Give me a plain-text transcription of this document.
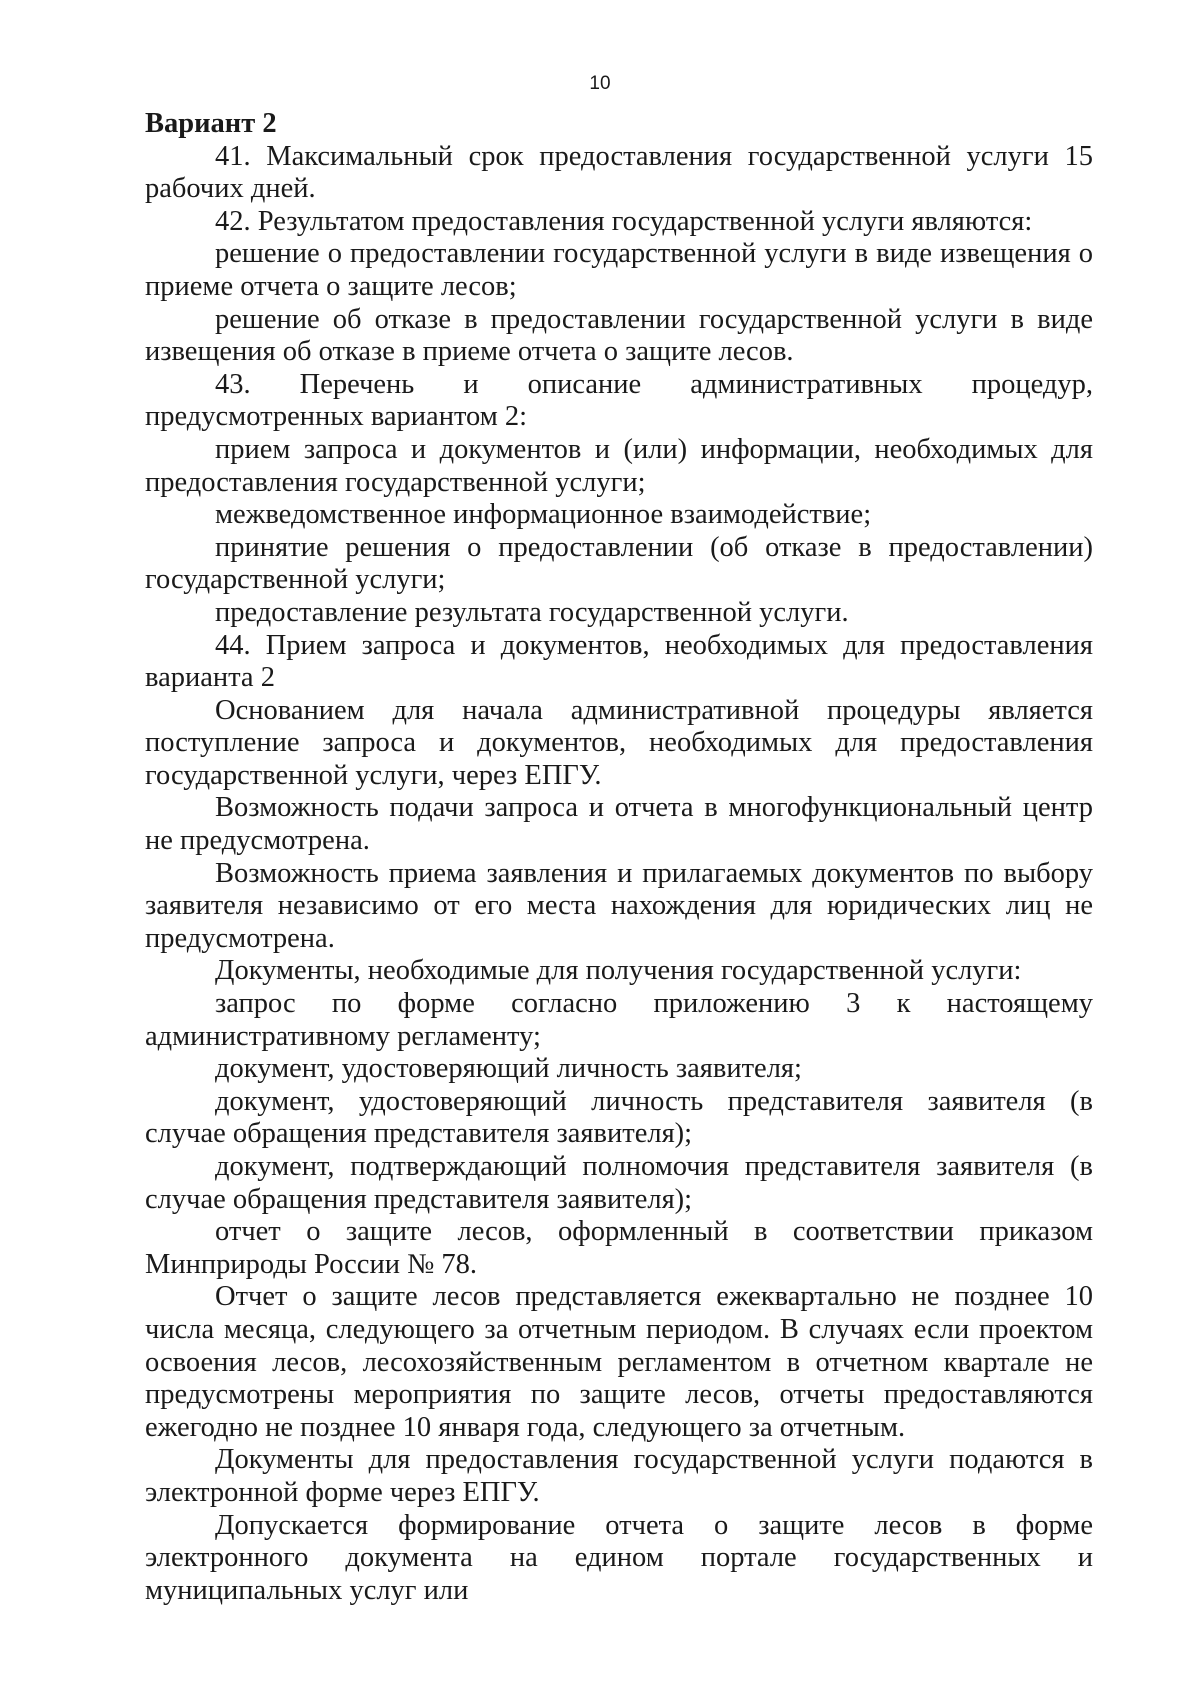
10

Вариант 2

41. Максимальный срок предоставления государственной услуги 15 рабочих дней.

42. Результатом предоставления государственной услуги являются:

решение о предоставлении государственной услуги в виде извещения о приеме отчета о защите лесов;

решение об отказе в предоставлении государственной услуги в виде извещения об отказе в приеме отчета о защите лесов.

43. Перечень и описание административных процедур, предусмотренных вариантом 2:

прием запроса и документов и (или) информации, необходимых для предоставления государственной услуги;

межведомственное информационное взаимодействие;

принятие решения о предоставлении (об отказе в предоставлении) государственной услуги;

предоставление результата государственной услуги.

44. Прием запроса и документов, необходимых для предоставления варианта 2

Основанием для начала административной процедуры является поступление запроса и документов, необходимых для предоставления государственной услуги, через ЕПГУ.

Возможность подачи запроса и отчета в многофункциональный центр не предусмотрена.

Возможность приема заявления и прилагаемых документов по выбору заявителя независимо от его места нахождения для юридических лиц не предусмотрена.

Документы, необходимые для получения государственной услуги:

запрос по форме согласно приложению 3 к настоящему административному регламенту;

документ, удостоверяющий личность заявителя;

документ, удостоверяющий личность представителя заявителя (в случае обращения представителя заявителя);

документ, подтверждающий полномочия представителя заявителя (в случае обращения представителя заявителя);

отчет о защите лесов, оформленный в соответствии приказом Минприроды России № 78.

Отчет о защите лесов представляется ежеквартально не позднее 10 числа месяца, следующего за отчетным периодом. В случаях если проектом освоения лесов, лесохозяйственным регламентом в отчетном квартале не предусмотрены мероприятия по защите лесов, отчеты предоставляются ежегодно не позднее 10 января года, следующего за отчетным.

Документы для предоставления государственной услуги подаются в электронной форме через ЕПГУ.

Допускается формирование отчета о защите лесов в форме электронного документа на едином портале государственных и муниципальных услуг или
